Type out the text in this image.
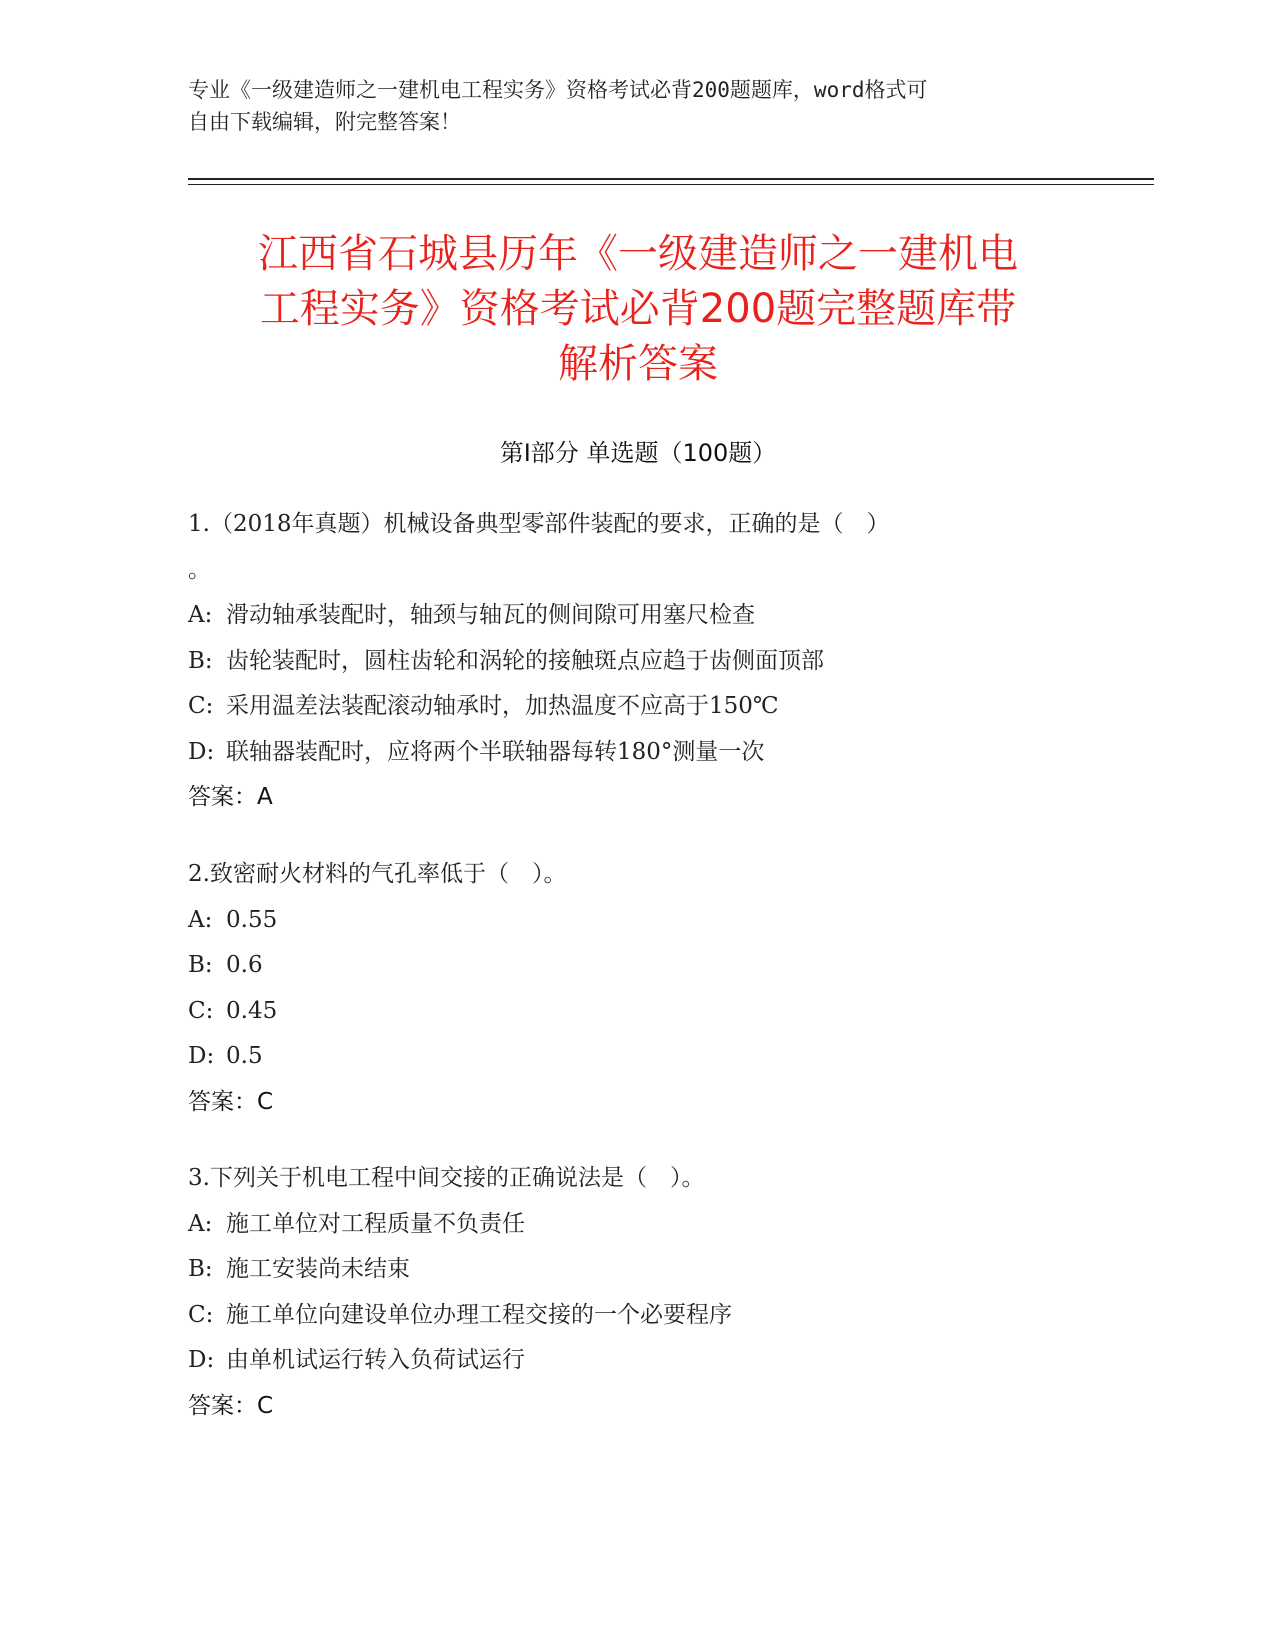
专业《一级建造师之一建机电工程实务》资格考试必背200题题库，word格式可
自由下载编辑，附完整答案！
江西省石城县历年《一级建造师之一建机电
工程实务》资格考试必背200题完整题库带
解析答案
第Ⅰ部分 单选题（100题）
1.（2018年真题）机械设备典型零部件装配的要求，正确的是（　）
。
A: 滑动轴承装配时，轴颈与轴瓦的侧间隙可用塞尺检查
B: 齿轮装配时，圆柱齿轮和涡轮的接触斑点应趋于齿侧面顶部
C: 采用温差法装配滚动轴承时，加热温度不应高于150℃
D: 联轴器装配时，应将两个半联轴器每转180°测量一次
答案：A
2.致密耐火材料的气孔率低于（　）。
A: 0.55
B: 0.6
C: 0.45
D: 0.5
答案：C
3.下列关于机电工程中间交接的正确说法是（　）。
A: 施工单位对工程质量不负责任
B: 施工安装尚未结束
C: 施工单位向建设单位办理工程交接的一个必要程序
D: 由单机试运行转入负荷试运行
答案：C
